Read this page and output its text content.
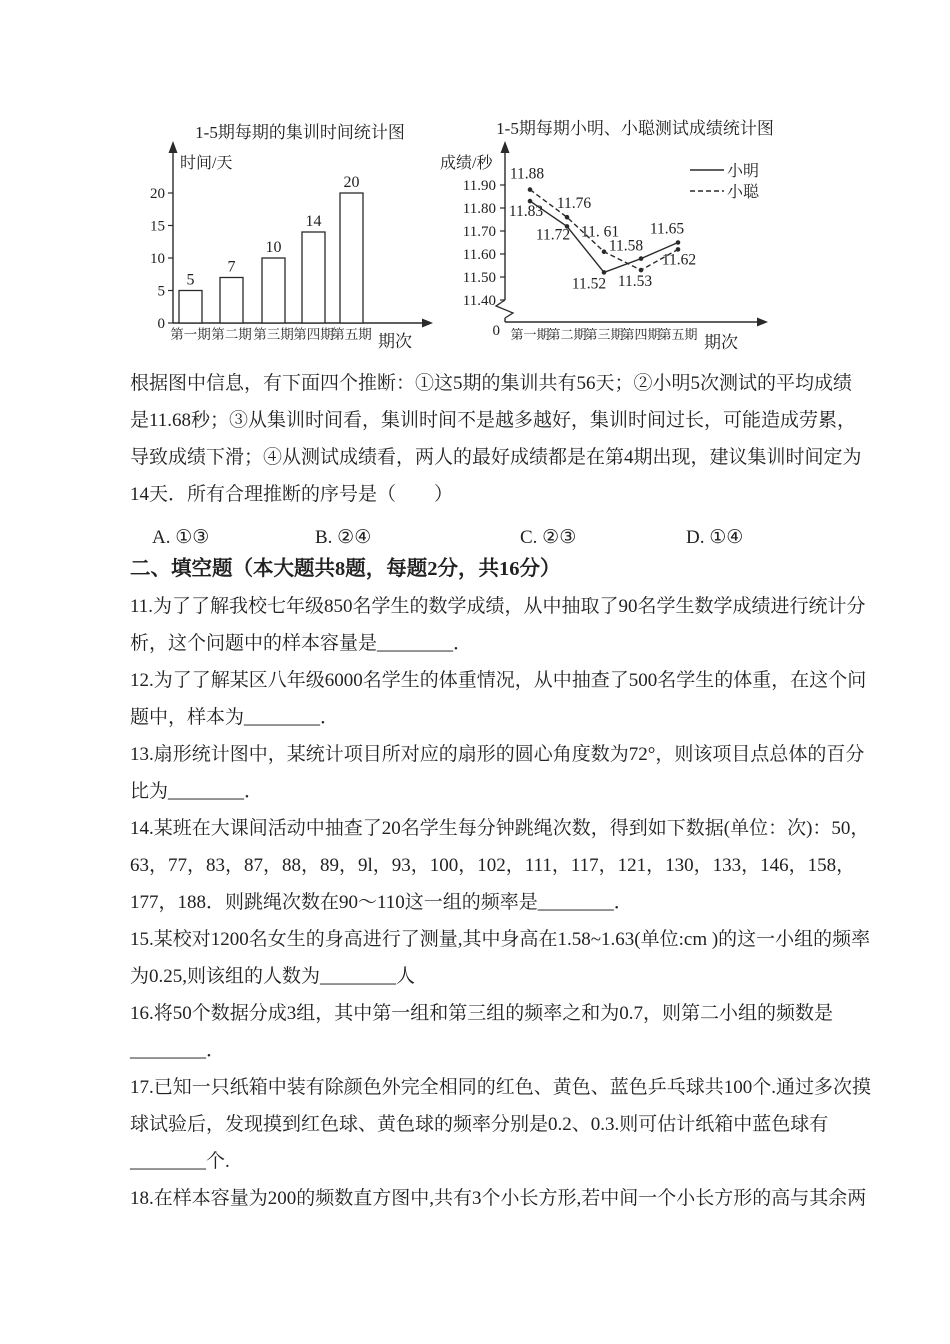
1-5期每期的集训时间统计图
时间/天
0
5
10
15
20
5
第一期
7
第二期
10
第三期
14
第四期
20
第五期 期次
1-5期每期小明、小聪测试成绩统计图
成绩/秒
0
11.40
11.50
11.60
11.70
11.80
11.90
第一期
第二期
第三期
第四期
第五期 期次
小明
11.83
11.72
11.52
11.58
11.65
小聪
11.88
11.76
11. 61
11.53
11.62
根据图中信息，有下面四个推断：①这5期的集训共有56天；②小明5次测试的平均成绩
是11.68秒；③从集训时间看，集训时间不是越多越好，集训时间过长，可能造成劳累，
导致成绩下滑；④从测试成绩看，两人的最好成绩都是在第4期出现，建议集训时间定为
14天．所有合理推断的序号是（　　）
A. ①③	B. ②④	C. ②③	D. ①④
二、填空题（本大题共8题，每题2分，共16分）
11.为了了解我校七年级850名学生的数学成绩，从中抽取了90名学生数学成绩进行统计分
析，这个问题中的样本容量是________．
12.为了了解某区八年级6000名学生的体重情况，从中抽查了500名学生的体重，在这个问
题中，样本为________．
13.扇形统计图中，某统计项目所对应的扇形的圆心角度数为72°，则该项目点总体的百分
比为________．
14.某班在大课间活动中抽查了20名学生每分钟跳绳次数，得到如下数据(单位：次)：50，
63，77，83，87，88，89，9l，93，100，102，111，117，121，130，133，146，158，
177，188．则跳绳次数在90～110这一组的频率是________．
15.某校对1200名女生的身高进行了测量,其中身高在1.58~1.63(单位:cm )的这一小组的频率
为0.25,则该组的人数为________人
16.将50个数据分成3组，其中第一组和第三组的频率之和为0.7，则第二小组的频数是
________．
17.已知一只纸箱中装有除颜色外完全相同的红色、黄色、蓝色乒乓球共100个.通过多次摸
球试验后，发现摸到红色球、黄色球的频率分别是0.2、0.3.则可估计纸箱中蓝色球有
________个.
18.在样本容量为200的频数直方图中,共有3个小长方形,若中间一个小长方形的高与其余两
